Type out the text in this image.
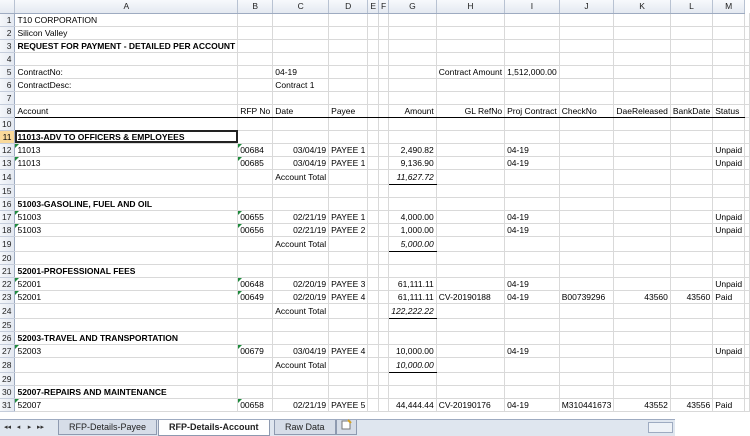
	A	B	C	D	E	F	G	H	I	J	K	L	M	
1	T10 CORPORATION													
2	Silicon Valley													
3	REQUEST FOR PAYMENT - DETAILED PER ACCOUNT													
4														
5	ContractNo:		04-19					Contract Amount	1,512,000.00					
6	ContractDesc:		Contract 1											
7														
8	Account	RFP No	Date	Payee			Amount	GL RefNo	Proj Contract	CheckNo	DaeReleased	BankDate	Status	
10														
11	11013-ADV TO OFFICERS & EMPLOYEES													
12	11013	00684	03/04/19	PAYEE 1			2,490.82		04-19				Unpaid	
13	11013	00685	03/04/19	PAYEE 1			9,136.90		04-19				Unpaid	
14			Account Total				11,627.72							
15														
16	51003-GASOLINE, FUEL AND OIL													
17	51003	00655	02/21/19	PAYEE 1			4,000.00		04-19				Unpaid	
18	51003	00656	02/21/19	PAYEE 2			1,000.00		04-19				Unpaid	
19			Account Total				5,000.00							
20														
21	52001-PROFESSIONAL FEES													
22	52001	00648	02/20/19	PAYEE 3			61,111.11		04-19				Unpaid	
23	52001	00649	02/20/19	PAYEE 4			61,111.11	CV-20190188	04-19	B00739296	43560	43560	Paid	
24			Account Total				122,222.22							
25														
26	52003-TRAVEL AND TRANSPORTATION													
27	52003	00679	03/04/19	PAYEE 4			10,000.00		04-19				Unpaid	
28			Account Total				10,000.00							
29														
30	52007-REPAIRS AND MAINTENANCE													
31	52007	00658	02/21/19	PAYEE 5			44,444.44	CV-20190176	04-19	M310441673	43552	43556	Paid	
◂◂ ◂	▸ ▸▸	RFP-Details-Payee	RFP-Details-Account	Raw Data
